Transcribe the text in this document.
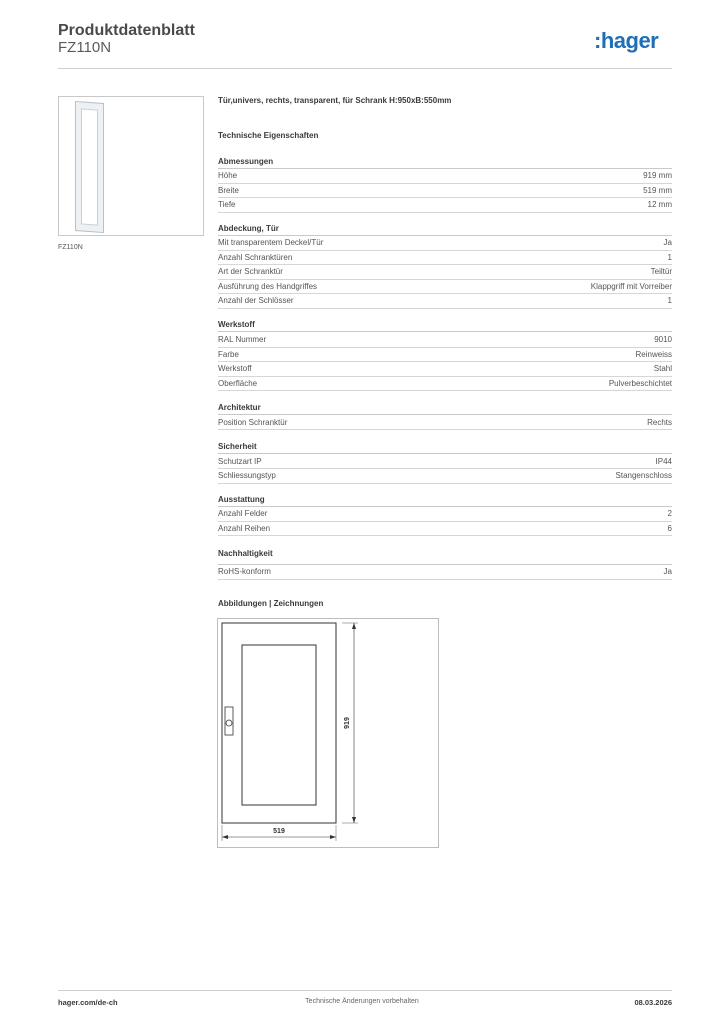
Produktdatenblatt
FZ110N	:hager
FZ110N
Tür,univers, rechts, transparent, für Schrank H:950xB:550mm
Technische Eigenschaften
Abmessungen
Höhe	919 mm
Breite	519 mm
Tiefe	12 mm
Abdeckung, Tür
Mit transparentem Deckel/Tür	Ja
Anzahl Schranktüren	1
Art der Schranktür	Teiltür
Ausführung des Handgriffes	Klappgriff mit Vorreiber
Anzahl der Schlösser	1
Werkstoff
RAL Nummer	9010
Farbe	Reinweiss
Werkstoff	Stahl
Oberfläche	Pulverbeschichtet
Architektur
Position Schranktür	Rechts
Sicherheit
Schutzart IP	IP44
Schliessungstyp	Stangenschloss
Ausstattung
Anzahl Felder	2
Anzahl Reihen	6
Nachhaltigkeit
RoHS-konform	Ja
Abbildungen | Zeichnungen
919
519
hager.com/de-ch	Technische Änderungen vorbehalten	08.03.2026
